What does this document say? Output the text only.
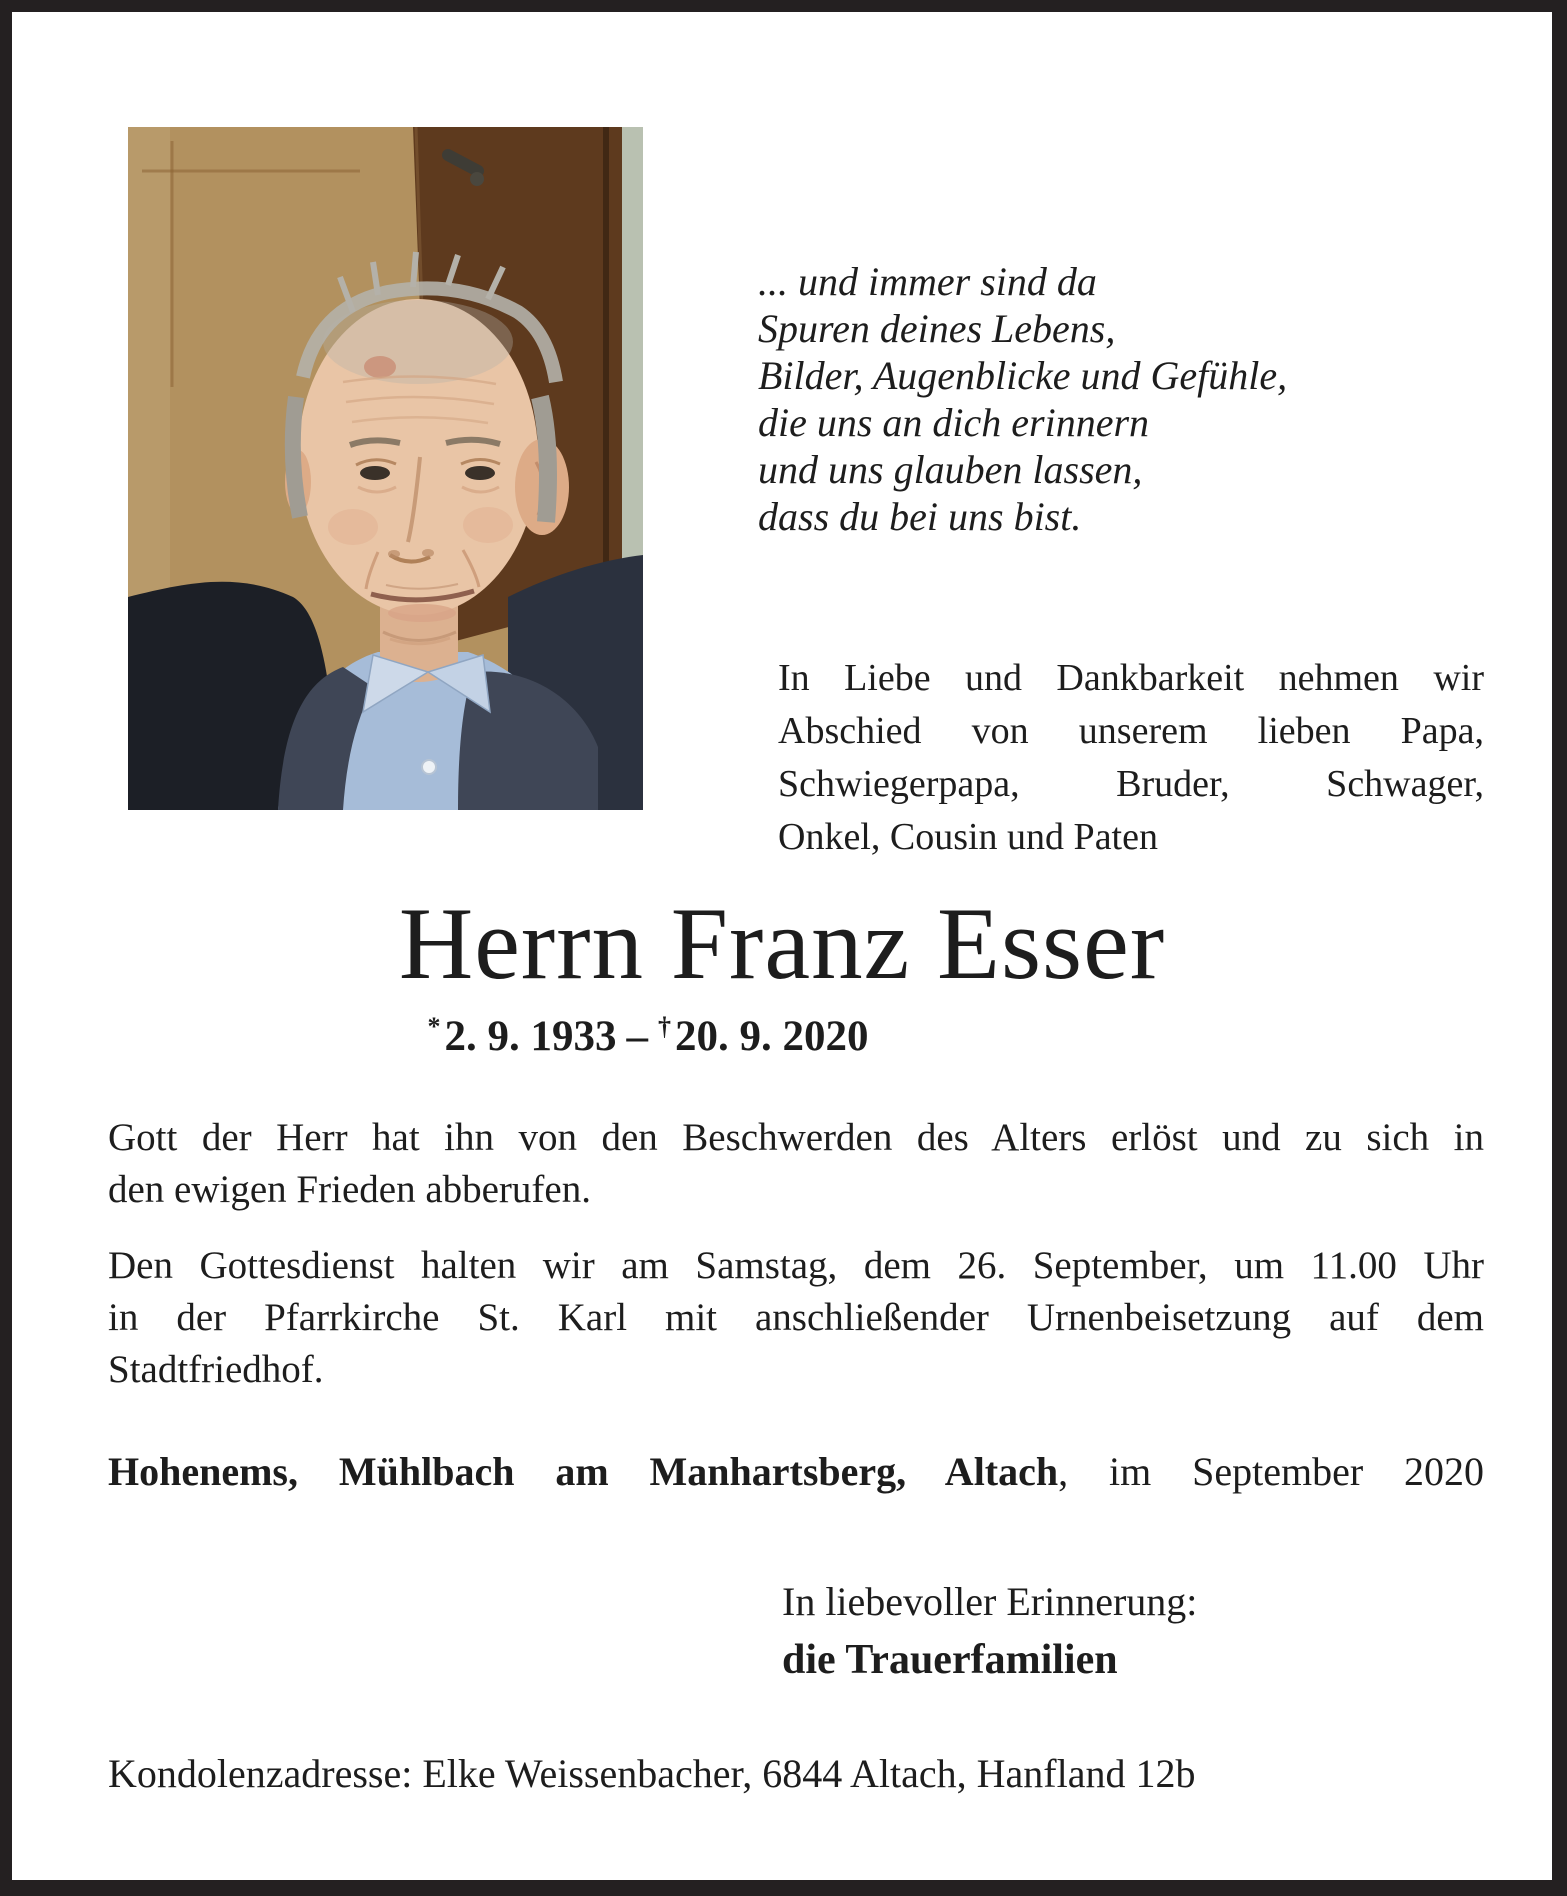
... und immer sind da
Spuren deines Lebens,
Bilder, Augenblicke und Gefühle,
die uns an dich erinnern
und uns glauben lassen,
dass du bei uns bist.
In Liebe und Dankbarkeit nehmen wir
Abschied von unserem lieben Papa,
Schwiegerpapa, Bruder, Schwager,
Onkel, Cousin und Paten
Herrn Franz Esser
*2. 9. 1933 – †20. 9. 2020
Gott der Herr hat ihn von den Beschwerden des Alters erlöst und zu sich in
den ewigen Frieden abberufen.
Den Gottesdienst halten wir am Samstag, dem 26. September, um 11.00 Uhr
in der Pfarrkirche St. Karl mit anschließender Urnenbeisetzung auf dem
Stadtfriedhof.
Hohenems, Mühlbach am Manhartsberg, Altach, im September 2020
In liebevoller Erinnerung:
die Trauerfamilien
Kondolenzadresse: Elke Weissenbacher, 6844 Altach, Hanfland 12b
